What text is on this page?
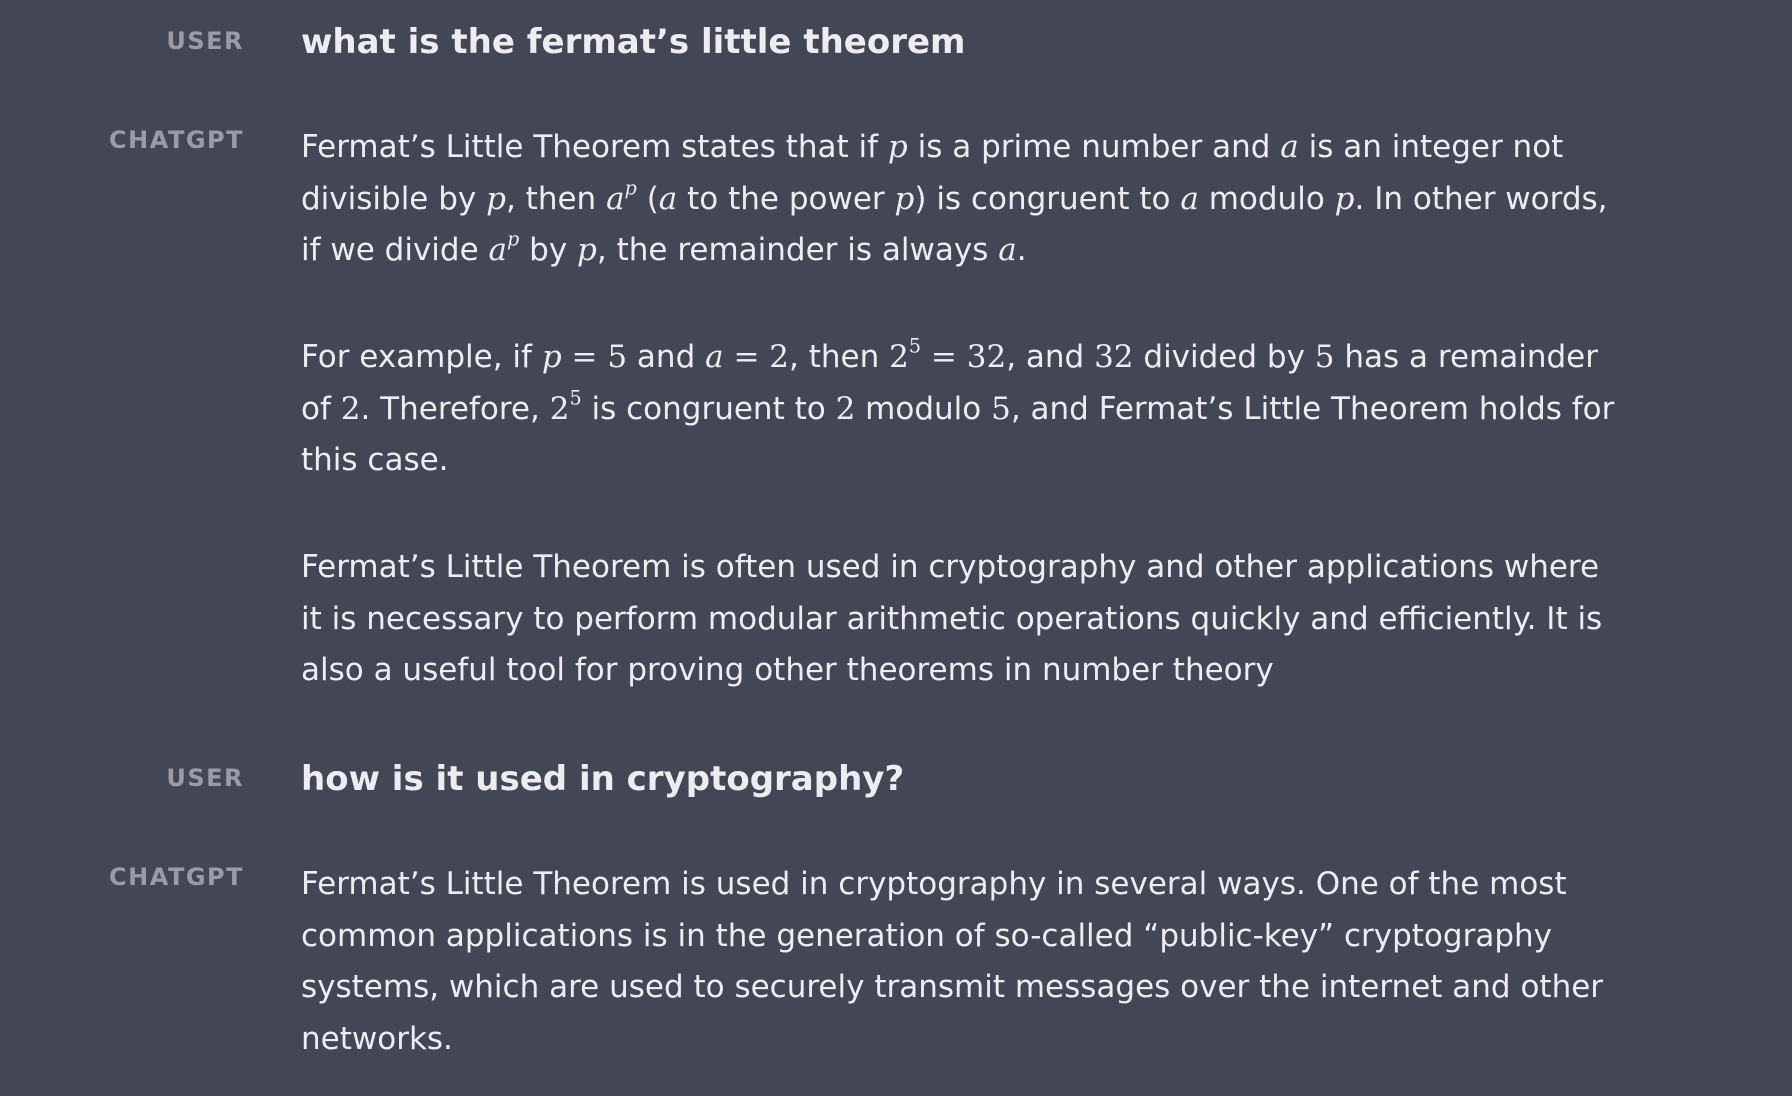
USER what is the fermat’s little theorem
CHATGPT Fermat’s Little Theorem states that if p is a prime number and a is an integer not divisible by p, then $a^p$ (a to the power p) is congruent to a modulo p. In other words, if we divide $a^p$ by p, the remainder is always a.

For example, if p = 5 and a = 2, then $2^5 = 32$, and 32 divided by 5 has a remainder of 2. Therefore, $2^5$ is congruent to 2 modulo 5, and Fermat’s Little Theorem holds for this case.

Fermat’s Little Theorem is often used in cryptography and other applications where it is necessary to perform modular arithmetic operations quickly and efficiently. It is also a useful tool for proving other theorems in number theory

USER how is it used in cryptography?
CHATGPT Fermat’s Little Theorem is used in cryptography in several ways. One of the most common applications is in the generation of so-called “public-key” cryptography systems, which are used to securely transmit messages over the internet and other networks.
